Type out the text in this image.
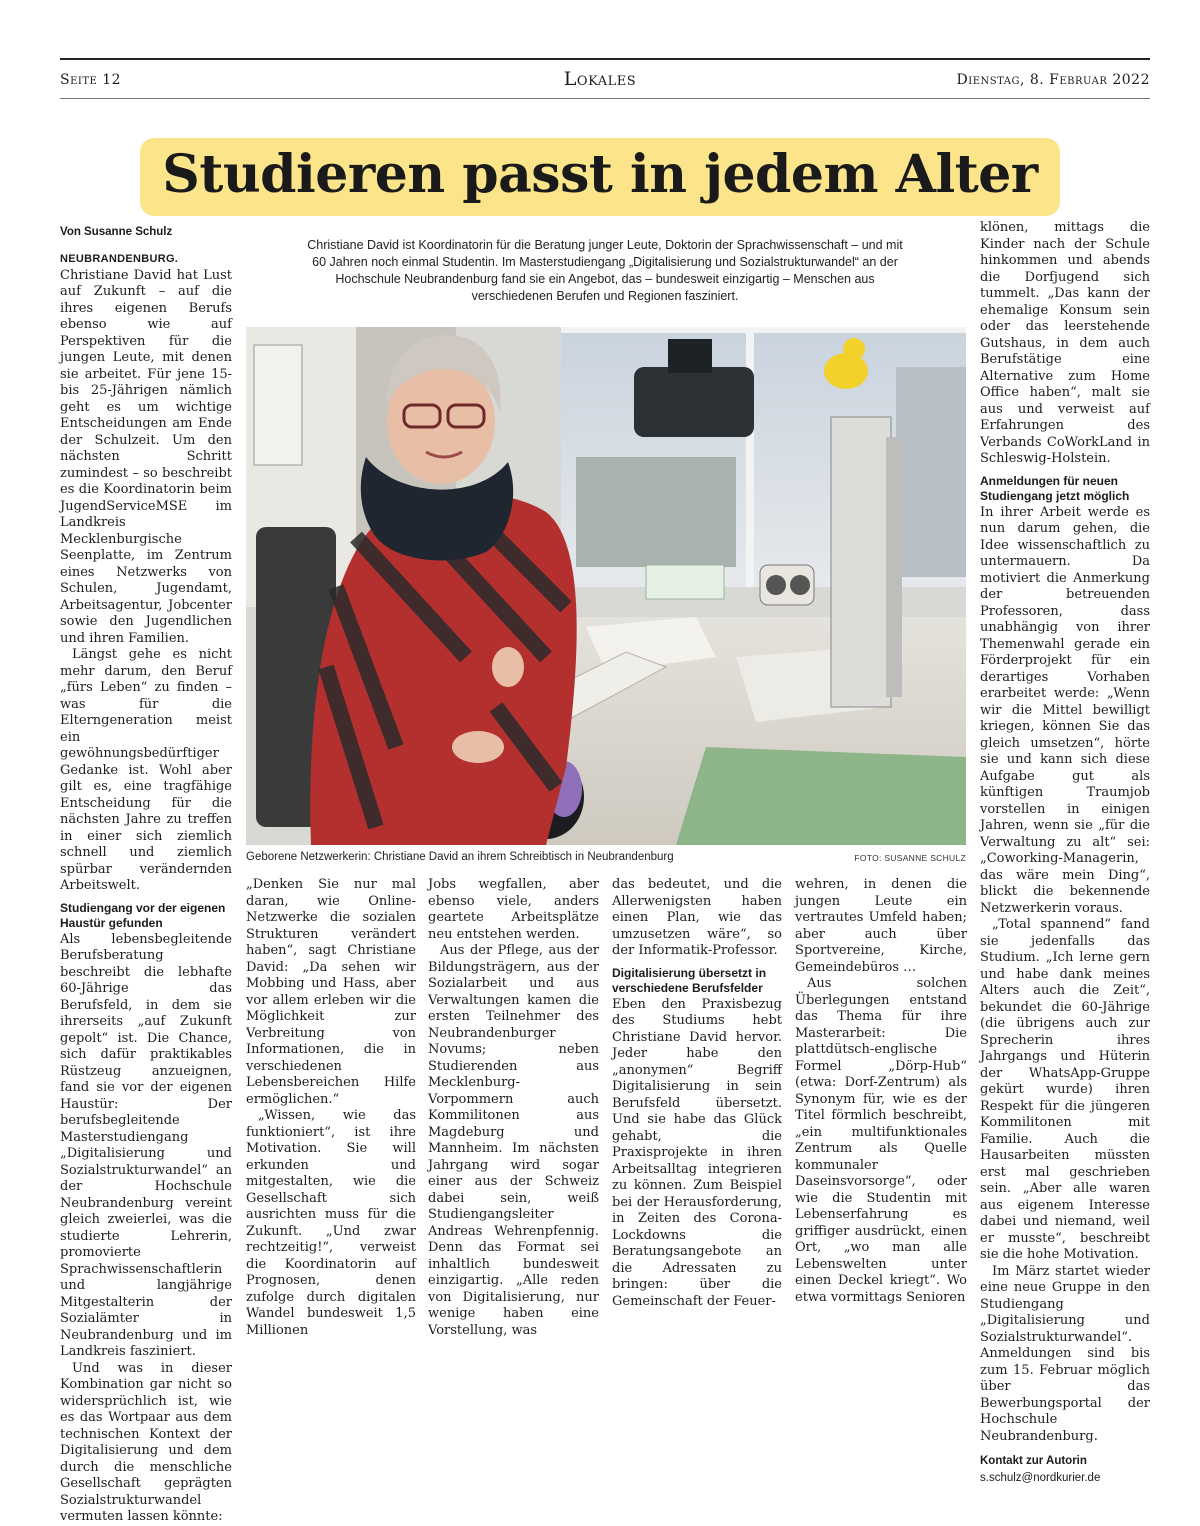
Seite 12	Lokales	Dienstag, 8. Februar 2022
Studieren passt in jedem Alter
Von Susanne Schulz

NEUBRANDENBURG. Christiane David hat Lust auf Zukunft – auf die ihres eigenen Berufs ebenso wie auf Perspektiven für die jungen Leute, mit denen sie arbeitet. Für jene 15- bis 25-Jährigen nämlich geht es um wichtige Entscheidungen am Ende der Schulzeit. Um den nächsten Schritt zumindest – so beschreibt es die Koordinatorin beim JugendServiceMSE im Landkreis Mecklenburgische Seenplatte, im Zentrum eines Netzwerks von Schulen, Jugendamt, Arbeitsagentur, Jobcenter sowie den Jugendlichen und ihren Familien.

Längst gehe es nicht mehr darum, den Beruf „fürs Leben“ zu finden – was für die Elterngeneration meist ein gewöhnungsbedürftiger Gedanke ist. Wohl aber gilt es, eine tragfähige Entscheidung für die nächsten Jahre zu treffen in einer sich ziemlich schnell und ziemlich spürbar verändernden Arbeitswelt.

Studiengang vor der eigenen Haustür gefunden

Als lebensbegleitende Berufsberatung beschreibt die lebhafte 60-Jährige das Berufsfeld, in dem sie ihrerseits „auf Zukunft gepolt“ ist. Die Chance, sich dafür praktikables Rüstzeug anzueignen, fand sie vor der eigenen Haustür: Der berufsbegleitende Masterstudiengang „Digitalisierung und Sozialstrukturwandel“ an der Hochschule Neubrandenburg vereint gleich zweierlei, was die studierte Lehrerin, promovierte Sprachwissenschaftlerin und langjährige Mitgestalterin der Sozialämter in Neubrandenburg und im Landkreis fasziniert.

Und was in dieser Kombination gar nicht so widersprüchlich ist, wie es das Wortpaar aus dem technischen Kontext der Digitalisierung und dem durch die menschliche Gesellschaft geprägten Sozialstrukturwandel vermuten lassen könnte:

Christiane David ist Koordinatorin für die Beratung junger Leute, Doktorin der Sprachwissenschaft – und mit 60 Jahren noch einmal Studentin. Im Masterstudiengang „Digitalisierung und Sozialstrukturwandel“ an der Hochschule Neubrandenburg fand sie ein Angebot, das – bundesweit einzigartig – Menschen aus verschiedenen Berufen und Regionen fasziniert.
Geborene Netzwerkerin: Christiane David an ihrem Schreibtisch in Neubrandenburg	FOTO: SUSANNE SCHULZ

„Denken Sie nur mal daran, wie Online-Netzwerke die sozialen Strukturen verändert haben“, sagt Christiane David: „Da sehen wir Mobbing und Hass, aber vor allem erleben wir die Möglichkeit zur Verbreitung von Informationen, die in verschiedenen Lebensbereichen Hilfe ermöglichen.“

„Wissen, wie das funktioniert“, ist ihre Motivation. Sie will erkunden und mitgestalten, wie die Gesellschaft sich ausrichten muss für die Zukunft. „Und zwar rechtzeitig!“, verweist die Koordinatorin auf Prognosen, denen zufolge durch digitalen Wandel bundesweit 1,5 Millionen

Jobs wegfallen, aber ebenso viele, anders geartete Arbeitsplätze neu entstehen werden.

Aus der Pflege, aus der Bildungsträgern, aus der Sozialarbeit und aus Verwaltungen kamen die ersten Teilnehmer des Neubrandenburger Novums; neben Studierenden aus Mecklenburg-Vorpommern auch Kommilitonen aus Magdeburg und Mannheim. Im nächsten Jahrgang wird sogar einer aus der Schweiz dabei sein, weiß Studiengangsleiter Andreas Wehrenpfennig. Denn das Format sei inhaltlich bundesweit einzigartig. „Alle reden von Digitalisierung, nur wenige haben eine Vorstellung, was

das bedeutet, und die Allerwenigsten haben einen Plan, wie das umzusetzen wäre“, so der Informatik-Professor.

Digitalisierung übersetzt in verschiedene Berufsfelder

Eben den Praxisbezug des Studiums hebt Christiane David hervor. Jeder habe den „anonymen“ Begriff Digitalisierung in sein Berufsfeld übersetzt. Und sie habe das Glück gehabt, die Praxisprojekte in ihren Arbeitsalltag integrieren zu können. Zum Beispiel bei der Herausforderung, in Zeiten des Corona-Lockdowns die Beratungsangebote an die Adressaten zu bringen: über die Gemeinschaft der Feuer-

wehren, in denen die jungen Leute ein vertrautes Umfeld haben; aber auch über Sportvereine, Kirche, Gemeindebüros …

Aus solchen Überlegungen entstand das Thema für ihre Masterarbeit: Die plattdütsch-englische Formel „Dörp-Hub“ (etwa: Dorf-Zentrum) als Synonym für, wie es der Titel förmlich beschreibt, „ein multifunktionales Zentrum als Quelle kommunaler Daseinsvorsorge“, oder wie die Studentin mit Lebenserfahrung es griffiger ausdrückt, einen Ort, „wo man alle Lebenswelten unter einen Deckel kriegt“. Wo etwa vormittags Senioren

klönen, mittags die Kinder nach der Schule hinkommen und abends die Dorfjugend sich tummelt. „Das kann der ehemalige Konsum sein oder das leerstehende Gutshaus, in dem auch Berufstätige eine Alternative zum Home Office haben“, malt sie aus und verweist auf Erfahrungen des Verbands CoWorkLand in Schleswig-Holstein.

Anmeldungen für neuen Studiengang jetzt möglich

In ihrer Arbeit werde es nun darum gehen, die Idee wissenschaftlich zu untermauern. Da motiviert die Anmerkung der betreuenden Professoren, dass unabhängig von ihrer Themenwahl gerade ein Förderprojekt für ein derartiges Vorhaben erarbeitet werde: „Wenn wir die Mittel bewilligt kriegen, können Sie das gleich umsetzen“, hörte sie und kann sich diese Aufgabe gut als künftigen Traumjob vorstellen in einigen Jahren, wenn sie „für die Verwaltung zu alt“ sei: „Coworking-Managerin, das wäre mein Ding“, blickt die bekennende Netzwerkerin voraus.

„Total spannend“ fand sie jedenfalls das Studium. „Ich lerne gern und habe dank meines Alters auch die Zeit“, bekundet die 60-Jährige (die übrigens auch zur Sprecherin ihres Jahrgangs und Hüterin der WhatsApp-Gruppe gekürt wurde) ihren Respekt für die jüngeren Kommilitonen mit Familie. Auch die Hausarbeiten müssten erst mal geschrieben sein. „Aber alle waren aus eigenem Interesse dabei und niemand, weil er musste“, beschreibt sie die hohe Motivation.

Im März startet wieder eine neue Gruppe in den Studiengang „Digitalisierung und Sozialstrukturwandel“. Anmeldungen sind bis zum 15. Februar möglich über das Bewerbungsportal der Hochschule Neubrandenburg.

Kontakt zur Autorin
s.schulz@nordkurier.de
